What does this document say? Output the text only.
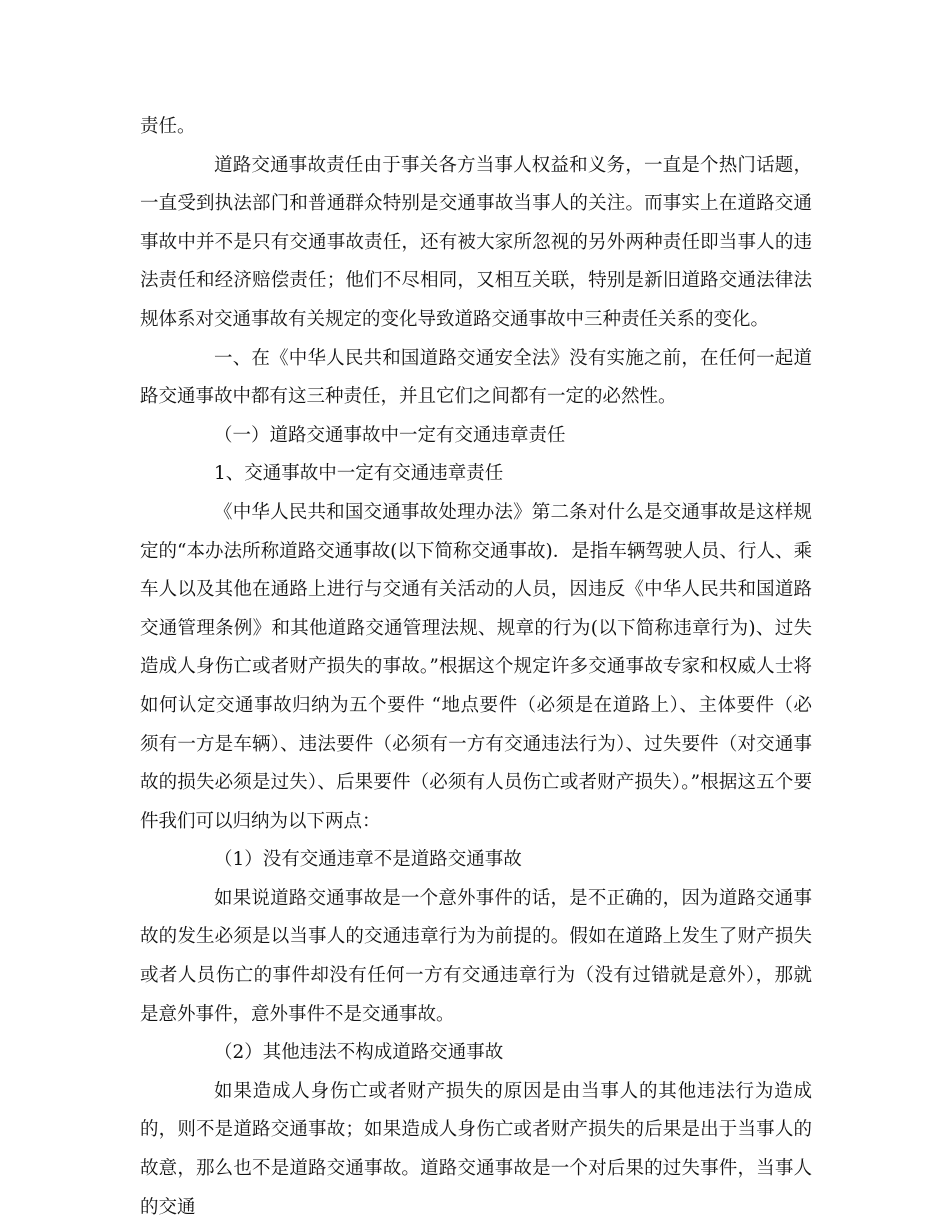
责任。

道路交通事故责任由于事关各方当事人权益和义务，一直是个热门话题，一直受到执法部门和普通群众特别是交通事故当事人的关注。而事实上在道路交通事故中并不是只有交通事故责任，还有被大家所忽视的另外两种责任即当事人的违法责任和经济赔偿责任；他们不尽相同，又相互关联，特别是新旧道路交通法律法规体系对交通事故有关规定的变化导致道路交通事故中三种责任关系的变化。

一、在《中华人民共和国道路交通安全法》没有实施之前，在任何一起道路交通事故中都有这三种责任，并且它们之间都有一定的必然性。

（一）道路交通事故中一定有交通违章责任

1、交通事故中一定有交通违章责任

《中华人民共和国交通事故处理办法》第二条对什么是交通事故是这样规定的“本办法所称道路交通事故(以下简称交通事故)．是指车辆驾驶人员、行人、乘车人以及其他在通路上进行与交通有关活动的人员，因违反《中华人民共和国道路交通管理条例》和其他道路交通管理法规、规章的行为(以下简称违章行为)、过失造成人身伤亡或者财产损失的事故。”根据这个规定许多交通事故专家和权威人士将如何认定交通事故归纳为五个要件 “地点要件（必须是在道路上）、主体要件（必须有一方是车辆）、违法要件（必须有一方有交通违法行为）、过失要件（对交通事故的损失必须是过失）、后果要件（必须有人员伤亡或者财产损失）。”根据这五个要件我们可以归纳为以下两点：

（1）没有交通违章不是道路交通事故

如果说道路交通事故是一个意外事件的话，是不正确的，因为道路交通事故的发生必须是以当事人的交通违章行为为前提的。假如在道路上发生了财产损失或者人员伤亡的事件却没有任何一方有交通违章行为（没有过错就是意外），那就是意外事件，意外事件不是交通事故。

（2）其他违法不构成道路交通事故

如果造成人身伤亡或者财产损失的原因是由当事人的其他违法行为造成的，则不是道路交通事故；如果造成人身伤亡或者财产损失的后果是出于当事人的故意，那么也不是道路交通事故。道路交通事故是一个对后果的过失事件，当事人的交通
